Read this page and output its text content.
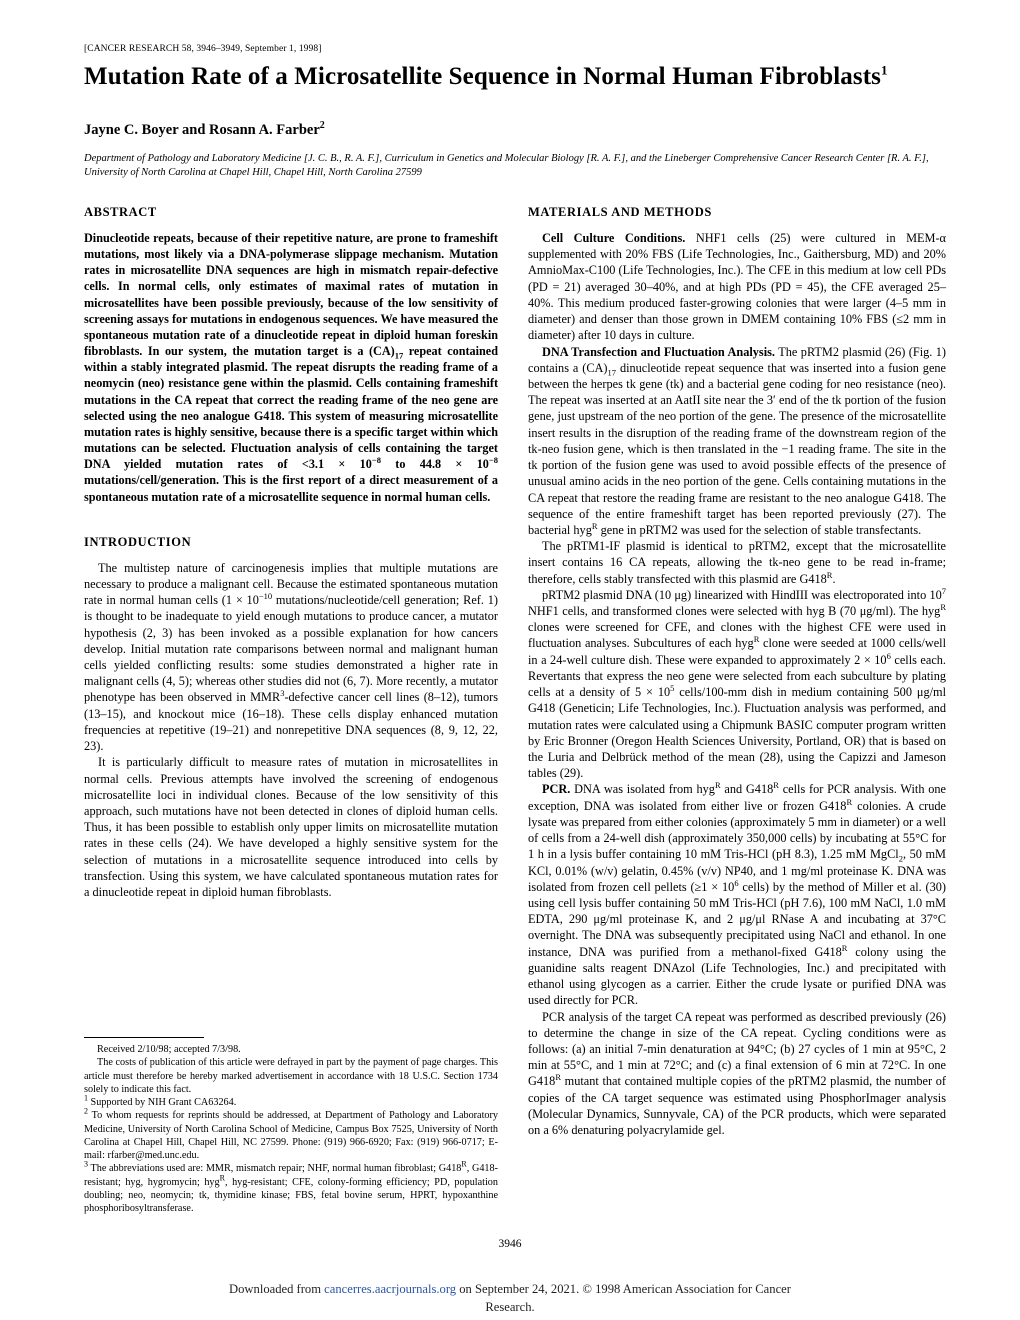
[CANCER RESEARCH 58, 3946–3949, September 1, 1998]
Mutation Rate of a Microsatellite Sequence in Normal Human Fibroblasts$^1$
Jayne C. Boyer and Rosann A. Farber$^2$
Department of Pathology and Laboratory Medicine [J. C. B., R. A. F.], Curriculum in Genetics and Molecular Biology [R. A. F.], and the Lineberger Comprehensive Cancer Research Center [R. A. F.], University of North Carolina at Chapel Hill, Chapel Hill, North Carolina 27599
ABSTRACT

Dinucleotide repeats, because of their repetitive nature, are prone to frameshift mutations, most likely via a DNA-polymerase slippage mechanism. Mutation rates in microsatellite DNA sequences are high in mismatch repair-defective cells. In normal cells, only estimates of maximal rates of mutation in microsatellites have been possible previously, because of the low sensitivity of screening assays for mutations in endogenous sequences. We have measured the spontaneous mutation rate of a dinucleotide repeat in diploid human foreskin fibroblasts. In our system, the mutation target is a $(CA)_{17}$ repeat contained within a stably integrated plasmid. The repeat disrupts the reading frame of a neomycin (neo) resistance gene within the plasmid. Cells containing frameshift mutations in the CA repeat that correct the reading frame of the neo gene are selected using the neo analogue G418. This system of measuring microsatellite mutation rates is highly sensitive, because there is a specific target within which mutations can be selected. Fluctuation analysis of cells containing the target DNA yielded mutation rates of $<3.1 \times 10^{-8}$ to $44.8 \times 10^{-8}$ mutations/cell/generation. This is the first report of a direct measurement of a spontaneous mutation rate of a microsatellite sequence in normal human cells.

INTRODUCTION

The multistep nature of carcinogenesis implies that multiple mutations are necessary to produce a malignant cell. Because the estimated spontaneous mutation rate in normal human cells ($1 \times 10^{-10}$ mutations/nucleotide/cell generation; Ref. 1) is thought to be inadequate to yield enough mutations to produce cancer, a mutator hypothesis (2, 3) has been invoked as a possible explanation for how cancers develop. Initial mutation rate comparisons between normal and malignant human cells yielded conflicting results: some studies demonstrated a higher rate in malignant cells (4, 5); whereas other studies did not (6, 7). More recently, a mutator phenotype has been observed in MMR$^3$-defective cancer cell lines (8–12), tumors (13–15), and knockout mice (16–18). These cells display enhanced mutation frequencies at repetitive (19–21) and nonrepetitive DNA sequences (8, 9, 12, 22, 23).

It is particularly difficult to measure rates of mutation in microsatellites in normal cells. Previous attempts have involved the screening of endogenous microsatellite loci in individual clones. Because of the low sensitivity of this approach, such mutations have not been detected in clones of diploid human cells. Thus, it has been possible to establish only upper limits on microsatellite mutation rates in these cells (24). We have developed a highly sensitive system for the selection of mutations in a microsatellite sequence introduced into cells by transfection. Using this system, we have calculated spontaneous mutation rates for a dinucleotide repeat in diploid human fibroblasts.

MATERIALS AND METHODS

Cell Culture Conditions. NHF1 cells (25) were cultured in MEM-α supplemented with 20% FBS (Life Technologies, Inc., Gaithersburg, MD) and 20% AmnioMax-C100 (Life Technologies, Inc.). The CFE in this medium at low cell PDs (PD = 21) averaged 30–40%, and at high PDs (PD = 45), the CFE averaged 25–40%. This medium produced faster-growing colonies that were larger (4–5 mm in diameter) and denser than those grown in DMEM containing 10% FBS (≤2 mm in diameter) after 10 days in culture.

DNA Transfection and Fluctuation Analysis. The pRTM2 plasmid (26) (Fig. 1) contains a $(CA)_{17}$ dinucleotide repeat sequence that was inserted into a fusion gene between the herpes tk gene (tk) and a bacterial gene coding for neo resistance (neo). The repeat was inserted at an AatII site near the 3′ end of the tk portion of the fusion gene, just upstream of the neo portion of the gene. The presence of the microsatellite insert results in the disruption of the reading frame of the downstream region of the tk-neo fusion gene, which is then translated in the −1 reading frame. The site in the tk portion of the fusion gene was used to avoid possible effects of the presence of unusual amino acids in the neo portion of the gene. Cells containing mutations in the CA repeat that restore the reading frame are resistant to the neo analogue G418. The sequence of the entire frameshift target has been reported previously (27). The bacterial hyg$^R$ gene in pRTM2 was used for the selection of stable transfectants.

The pRTM1-IF plasmid is identical to pRTM2, except that the microsatellite insert contains 16 CA repeats, allowing the tk-neo gene to be read in-frame; therefore, cells stably transfected with this plasmid are $G418^R$.

pRTM2 plasmid DNA (10 μg) linearized with HindIII was electroporated into $10^7$ NHF1 cells, and transformed clones were selected with hyg B (70 μg/ml). The hyg$^R$ clones were screened for CFE, and clones with the highest CFE were used in fluctuation analyses. Subcultures of each hyg$^R$ clone were seeded at 1000 cells/well in a 24-well culture dish. These were expanded to approximately $2 \times 10^6$ cells each. Revertants that express the neo gene were selected from each subculture by plating cells at a density of $5 \times 10^5$ cells/100-mm dish in medium containing 500 μg/ml G418 (Geneticin; Life Technologies, Inc.). Fluctuation analysis was performed, and mutation rates were calculated using a Chipmunk BASIC computer program written by Eric Bronner (Oregon Health Sciences University, Portland, OR) that is based on the Luria and Delbrück method of the mean (28), using the Capizzi and Jameson tables (29).

PCR. DNA was isolated from hyg$^R$ and $G418^R$ cells for PCR analysis. With one exception, DNA was isolated from either live or frozen $G418^R$ colonies. A crude lysate was prepared from either colonies (approximately 5 mm in diameter) or a well of cells from a 24-well dish (approximately 350,000 cells) by incubating at 55°C for 1 h in a lysis buffer containing 10 mM Tris-HCl (pH 8.3), 1.25 mM MgCl$_2$, 50 mM KCl, 0.01% (w/v) gelatin, 0.45% (v/v) NP40, and 1 mg/ml proteinase K. DNA was isolated from frozen cell pellets ($\ge 1 \times 10^6$ cells) by the method of Miller et al. (30) using cell lysis buffer containing 50 mM Tris-HCl (pH 7.6), 100 mM NaCl, 1.0 mM EDTA, 290 μg/ml proteinase K, and 2 μg/μl RNase A and incubating at 37°C overnight. The DNA was subsequently precipitated using NaCl and ethanol. In one instance, DNA was purified from a methanol-fixed $G418^R$ colony using the guanidine salts reagent DNAzol (Life Technologies, Inc.) and precipitated with ethanol using glycogen as a carrier. Either the crude lysate or purified DNA was used directly for PCR.

PCR analysis of the target CA repeat was performed as described previously (26) to determine the change in size of the CA repeat. Cycling conditions were as follows: (a) an initial 7-min denaturation at 94°C; (b) 27 cycles of 1 min at 95°C, 2 min at 55°C, and 1 min at 72°C; and (c) a final extension of 6 min at 72°C. In one $G418^R$ mutant that contained multiple copies of the pRTM2 plasmid, the number of copies of the CA target sequence was estimated using PhosphorImager analysis (Molecular Dynamics, Sunnyvale, CA) of the PCR products, which were separated on a 6% denaturing polyacrylamide gel.

Received 2/10/98; accepted 7/3/98.

The costs of publication of this article were defrayed in part by the payment of page charges. This article must therefore be hereby marked advertisement in accordance with 18 U.S.C. Section 1734 solely to indicate this fact.

$^1$ Supported by NIH Grant CA63264.

$^2$ To whom requests for reprints should be addressed, at Department of Pathology and Laboratory Medicine, University of North Carolina School of Medicine, Campus Box 7525, University of North Carolina at Chapel Hill, Chapel Hill, NC 27599. Phone: (919) 966-6920; Fax: (919) 966-0717; E-mail: rfarber@med.unc.edu.

$^3$ The abbreviations used are: MMR, mismatch repair; NHF, normal human fibroblast; $G418^R$, G418-resistant; hyg, hygromycin; hyg$^R$, hyg-resistant; CFE, colony-forming efficiency; PD, population doubling; neo, neomycin; tk, thymidine kinase; FBS, fetal bovine serum, HPRT, hypoxanthine phosphoribosyltransferase.

3946
Downloaded from cancerres.aacrjournals.org on September 24, 2021. © 1998 American Association for Cancer
Research.
